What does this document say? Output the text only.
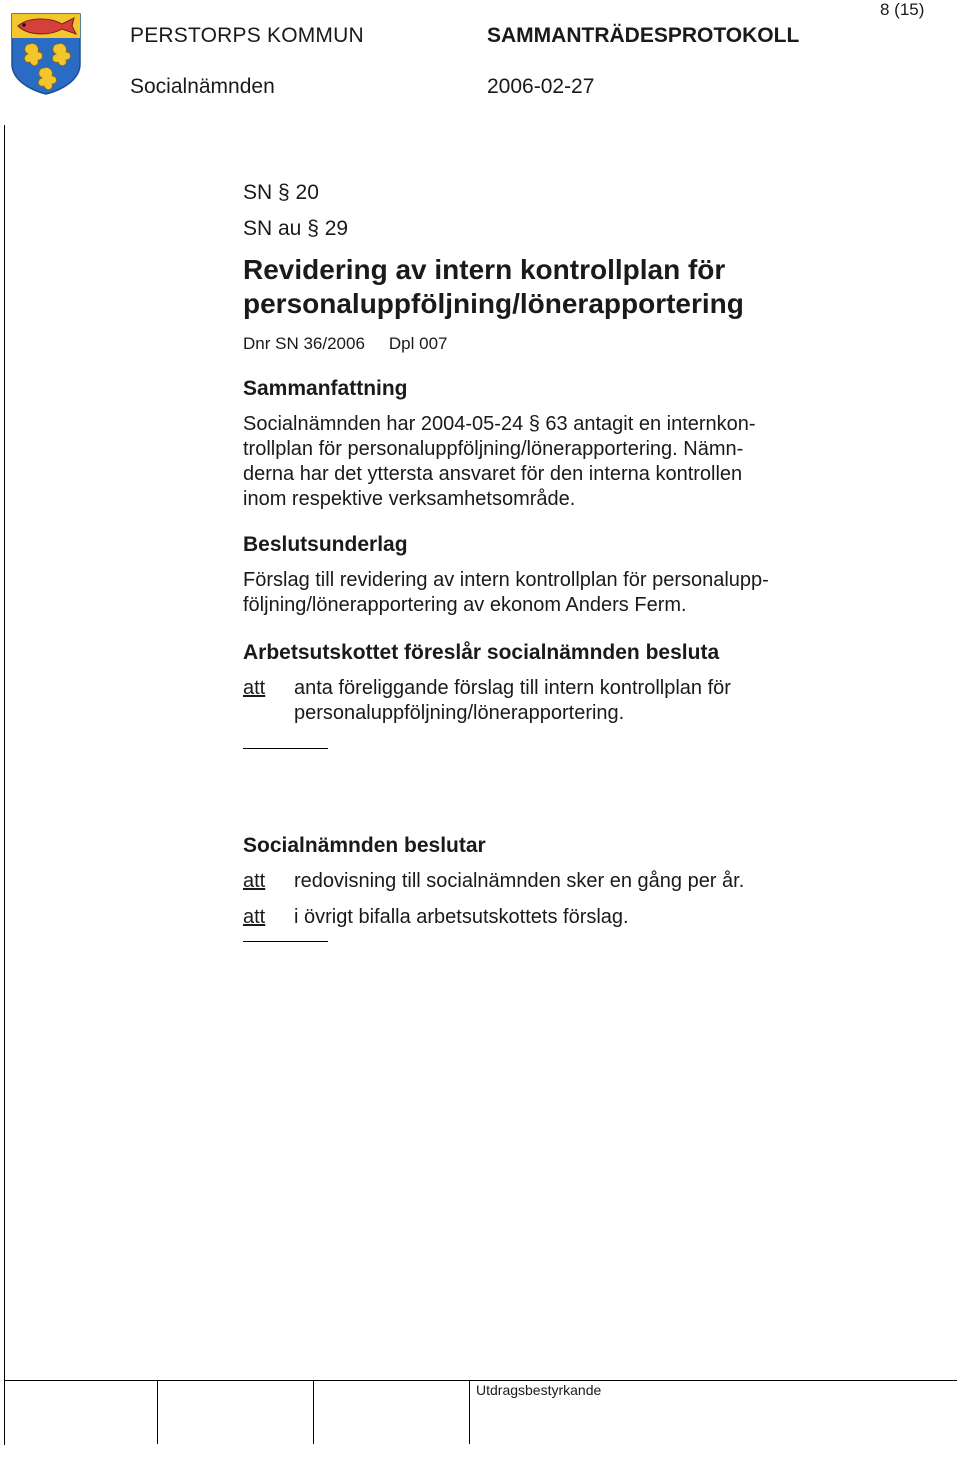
8 (15)
PERSTORPS KOMMUN	SAMMANTRÄDESPROTOKOLL
Socialnämnden	2006-02-27
SN § 20
SN au § 29
Revidering av intern kontrollplan för
personaluppföljning/lönerapportering
Dnr SN 36/2006 Dpl 007
Sammanfattning
Socialnämnden har 2004-05-24 § 63 antagit en internkon-
trollplan för personaluppföljning/lönerapportering. Nämn-
derna har det yttersta ansvaret för den interna kontrollen
inom respektive verksamhetsområde.
Beslutsunderlag
Förslag till revidering av intern kontrollplan för personalupp-
följning/lönerapportering av ekonom Anders Ferm.
Arbetsutskottet föreslår socialnämnden besluta
att	anta föreliggande förslag till intern kontrollplan för
personaluppföljning/lönerapportering.
Socialnämnden beslutar
att	redovisning till socialnämnden sker en gång per år.
att	i övrigt bifalla arbetsutskottets förslag.
Utdragsbestyrkande
